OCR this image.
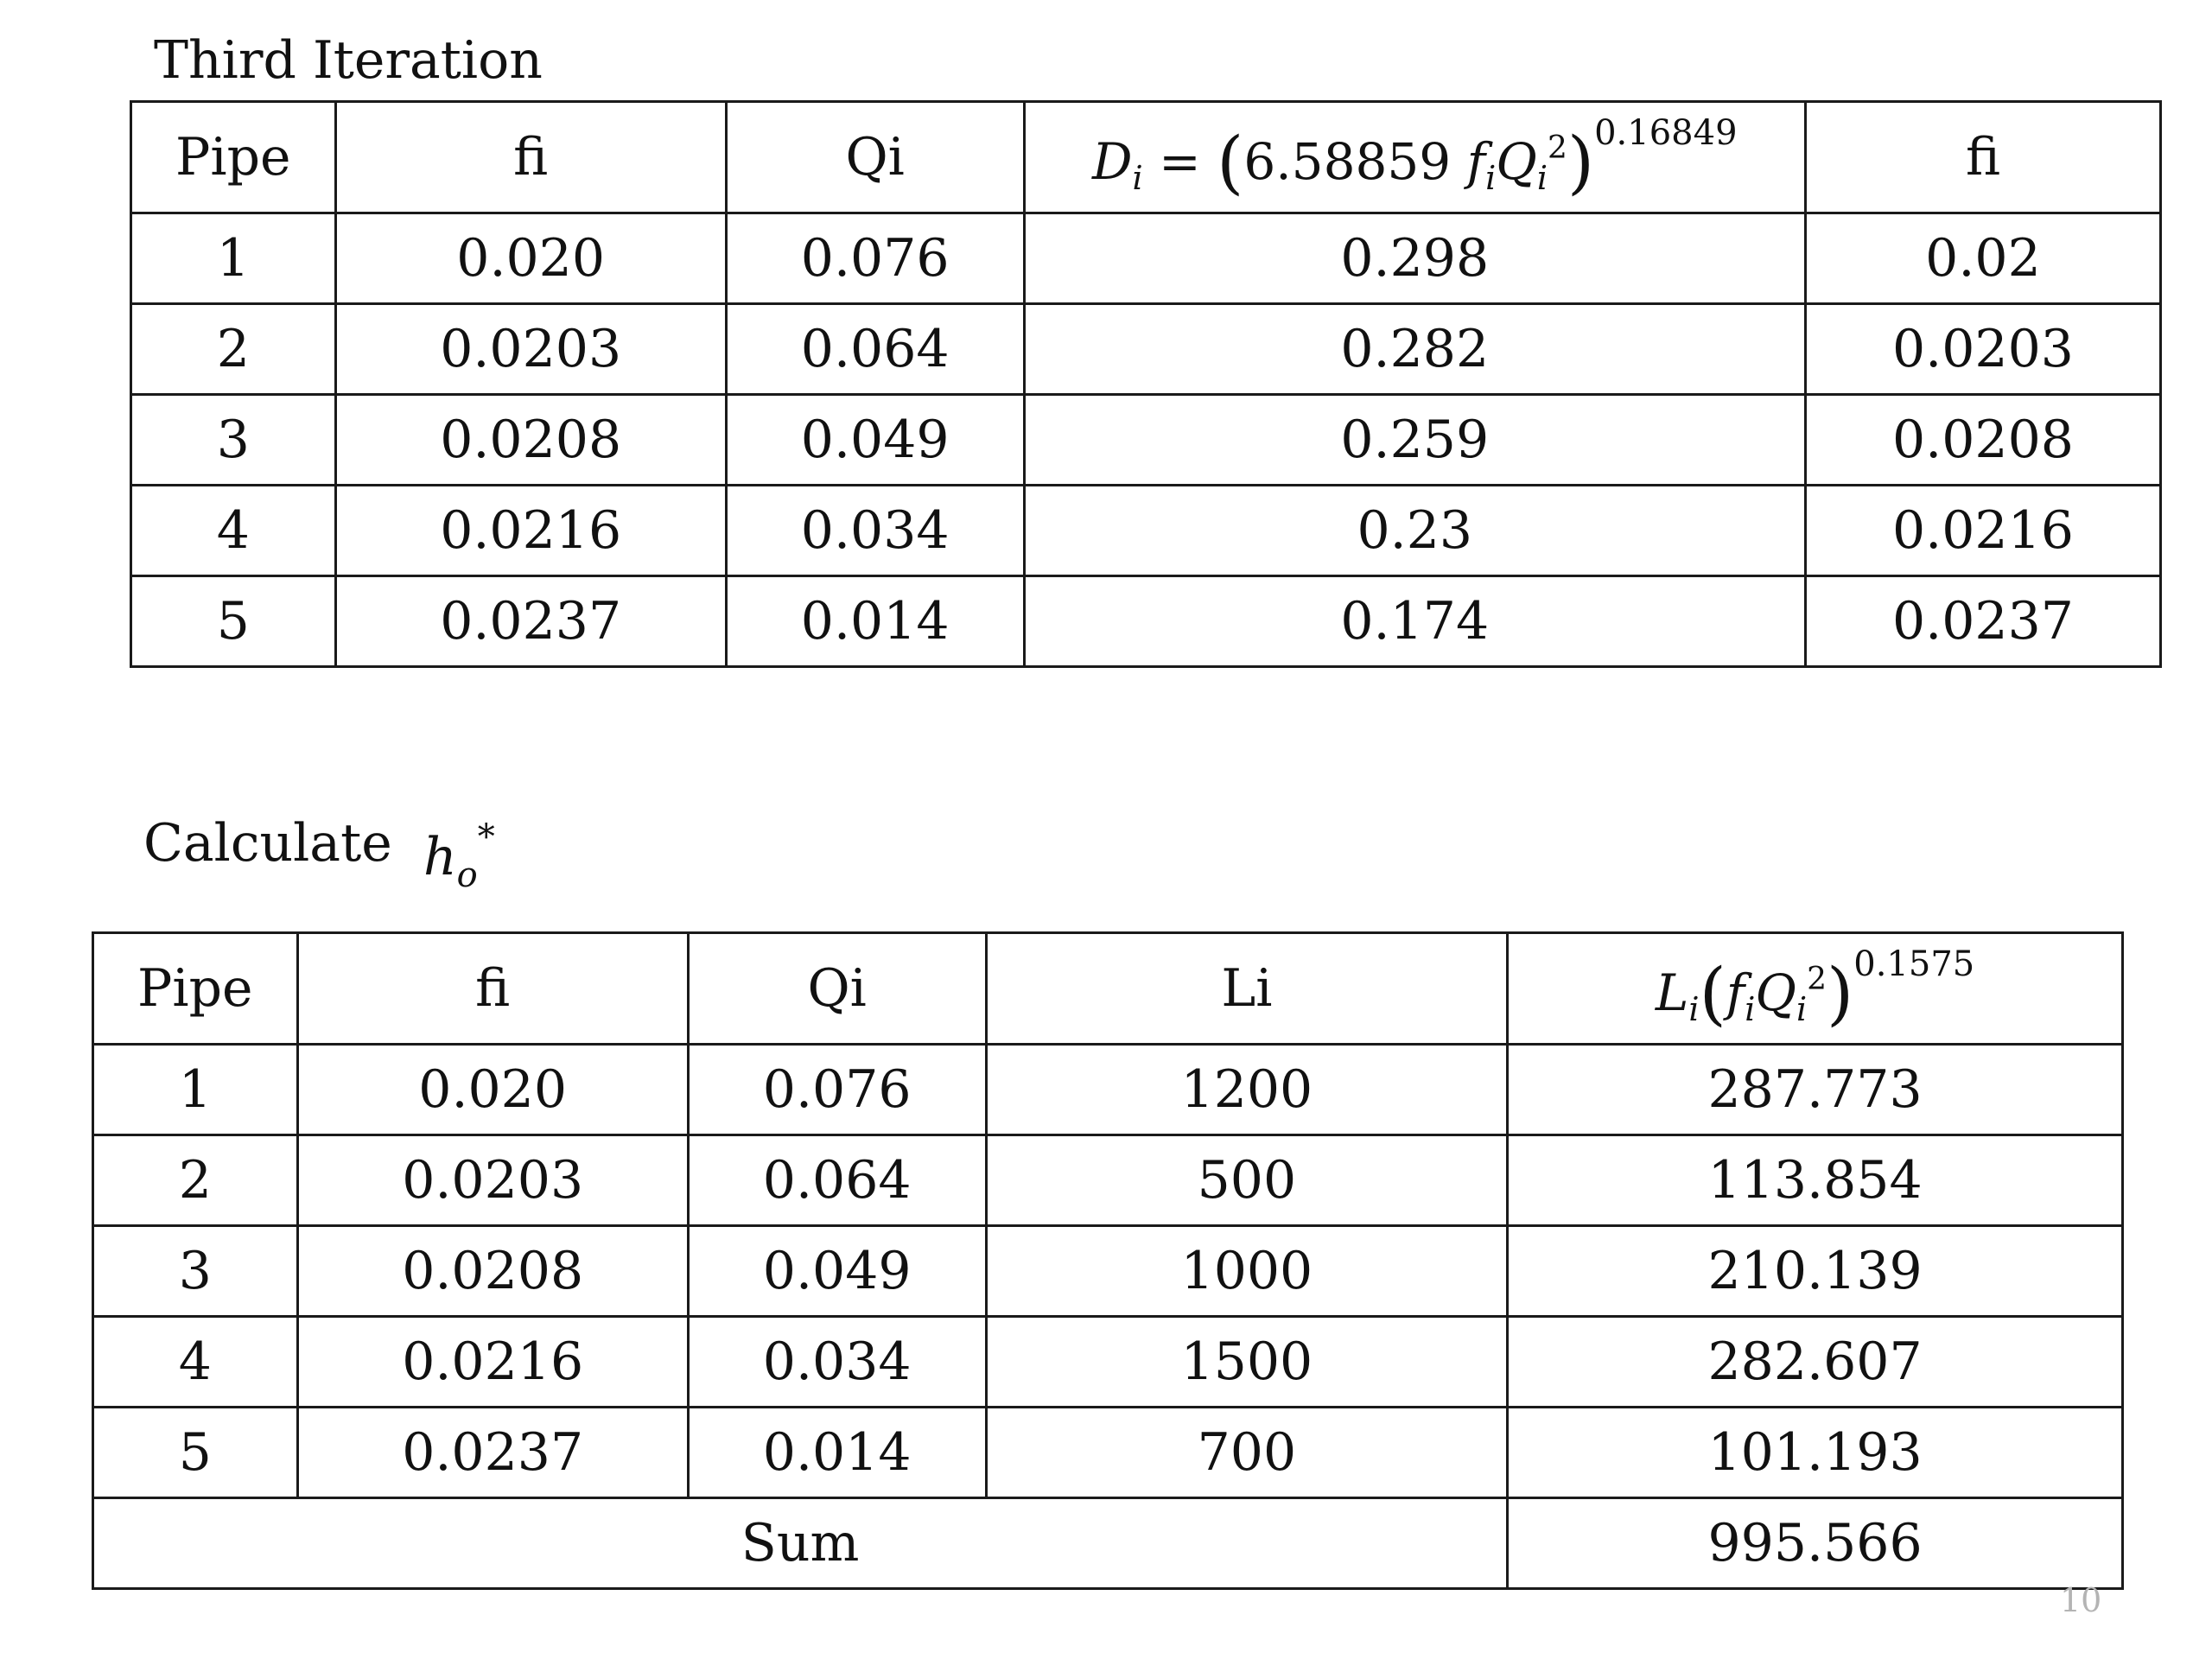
Third Iteration
Pipe	fi	Qi	$D_i = (6.58859$ $f_iQ_i^2)^{0.16849}$	fi
1	0.020	0.076	0.298	0.02
2	0.0203	0.064	0.282	0.0203
3	0.0208	0.049	0.259	0.0208
4	0.0216	0.034	0.23	0.0216
5	0.0237	0.014	0.174	0.0237
Calculate $h_o^*$
Pipe	fi	Qi	Li	$L_i(f_iQ_i^2)^{0.1575}$
1	0.020	0.076	1200	287.773
2	0.0203	0.064	500	113.854
3	0.0208	0.049	1000	210.139
4	0.0216	0.034	1500	282.607
5	0.0237	0.014	700	101.193
Sum				995.566
10
